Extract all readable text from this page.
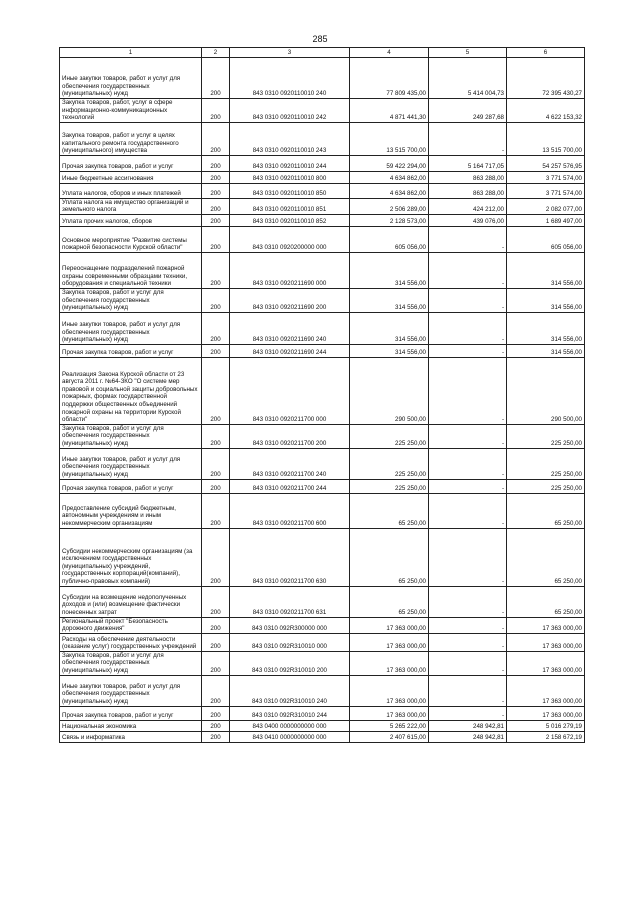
285
1	2	3	4	5	6
Иные закупки товаров, работ и услуг для обеспечения государственных (муниципальных) нужд	200	843 0310 0920110010 240	77 809 435,00	5 414 004,73	72 395 430,27
Закупка товаров, работ, услуг в сфере информационно-коммуникационных технологий	200	843 0310 0920110010 242	4 871 441,30	249 287,68	4 622 153,32
Закупка товаров, работ и услуг в целях капитального ремонта государственного (муниципального) имущества	200	843 0310 0920110010 243	13 515 700,00	-	13 515 700,00
Прочая закупка товаров, работ и услуг	200	843 0310 0920110010 244	59 422 294,00	5 164 717,05	54 257 576,95
Иные бюджетные ассигнования	200	843 0310 0920110010 800	4 634 862,00	863 288,00	3 771 574,00
Уплата налогов, сборов и иных платежей	200	843 0310 0920110010 850	4 634 862,00	863 288,00	3 771 574,00
Уплата налога на имущество организаций и земельного налога	200	843 0310 0920110010 851	2 506 289,00	424 212,00	2 082 077,00
Уплата прочих налогов, сборов	200	843 0310 0920110010 852	2 128 573,00	439 076,00	1 689 497,00
Основное мероприятие "Развитие системы пожарной безопасности Курской области"	200	843 0310 0920200000 000	605 056,00	-	605 056,00
Переоснащение подразделений пожарной охраны современными образцами техники, оборудования и специальной техники	200	843 0310 0920211690 000	314 556,00	-	314 556,00
Закупка товаров, работ и услуг для обеспечения государственных (муниципальных) нужд	200	843 0310 0920211690 200	314 556,00	-	314 556,00
Иные закупки товаров, работ и услуг для обеспечения государственных (муниципальных) нужд	200	843 0310 0920211690 240	314 556,00	-	314 556,00
Прочая закупка товаров, работ и услуг	200	843 0310 0920211690 244	314 556,00	-	314 556,00
Реализация Закона Курской области от 23 августа 2011 г. №64-ЗКО "О системе мер правовой и социальной защиты добровольных пожарных, формах государственной поддержки общественных объединений пожарной охраны на территории Курской области"	200	843 0310 0920211700 000	290 500,00	-	290 500,00
Закупка товаров, работ и услуг для обеспечения государственных (муниципальных) нужд	200	843 0310 0920211700 200	225 250,00	-	225 250,00
Иные закупки товаров, работ и услуг для обеспечения государственных (муниципальных) нужд	200	843 0310 0920211700 240	225 250,00	-	225 250,00
Прочая закупка товаров, работ и услуг	200	843 0310 0920211700 244	225 250,00	-	225 250,00
Предоставление субсидий бюджетным, автономным учреждениям и иным некоммерческим организациям	200	843 0310 0920211700 600	65 250,00	-	65 250,00
Субсидии некоммерческим организациям (за исключением государственных (муниципальных) учреждений, государственных корпораций(компаний), публично-правовых компаний)	200	843 0310 0920211700 630	65 250,00	-	65 250,00
Субсидии на возмещение недополученных доходов и (или) возмещение фактически понесенных затрат	200	843 0310 0920211700 631	65 250,00	-	65 250,00
Региональный проект "Безопасность дорожного движения"	200	843 0310 092R300000 000	17 363 000,00	-	17 363 000,00
Расходы на обеспечение деятельности (оказание услуг) государственных учреждений	200	843 0310 092R310010 000	17 363 000,00	-	17 363 000,00
Закупка товаров, работ и услуг для обеспечения государственных (муниципальных) нужд	200	843 0310 092R310010 200	17 363 000,00	-	17 363 000,00
Иные закупки товаров, работ и услуг для обеспечения государственных (муниципальных) нужд	200	843 0310 092R310010 240	17 363 000,00	-	17 363 000,00
Прочая закупка товаров, работ и услуг	200	843 0310 092R310010 244	17 363 000,00	-	17 363 000,00
Национальная экономика	200	843 0400 0000000000 000	5 265 222,00	248 942,81	5 016 279,19
Связь и информатика	200	843 0410 0000000000 000	2 407 615,00	248 942,81	2 158 672,19
